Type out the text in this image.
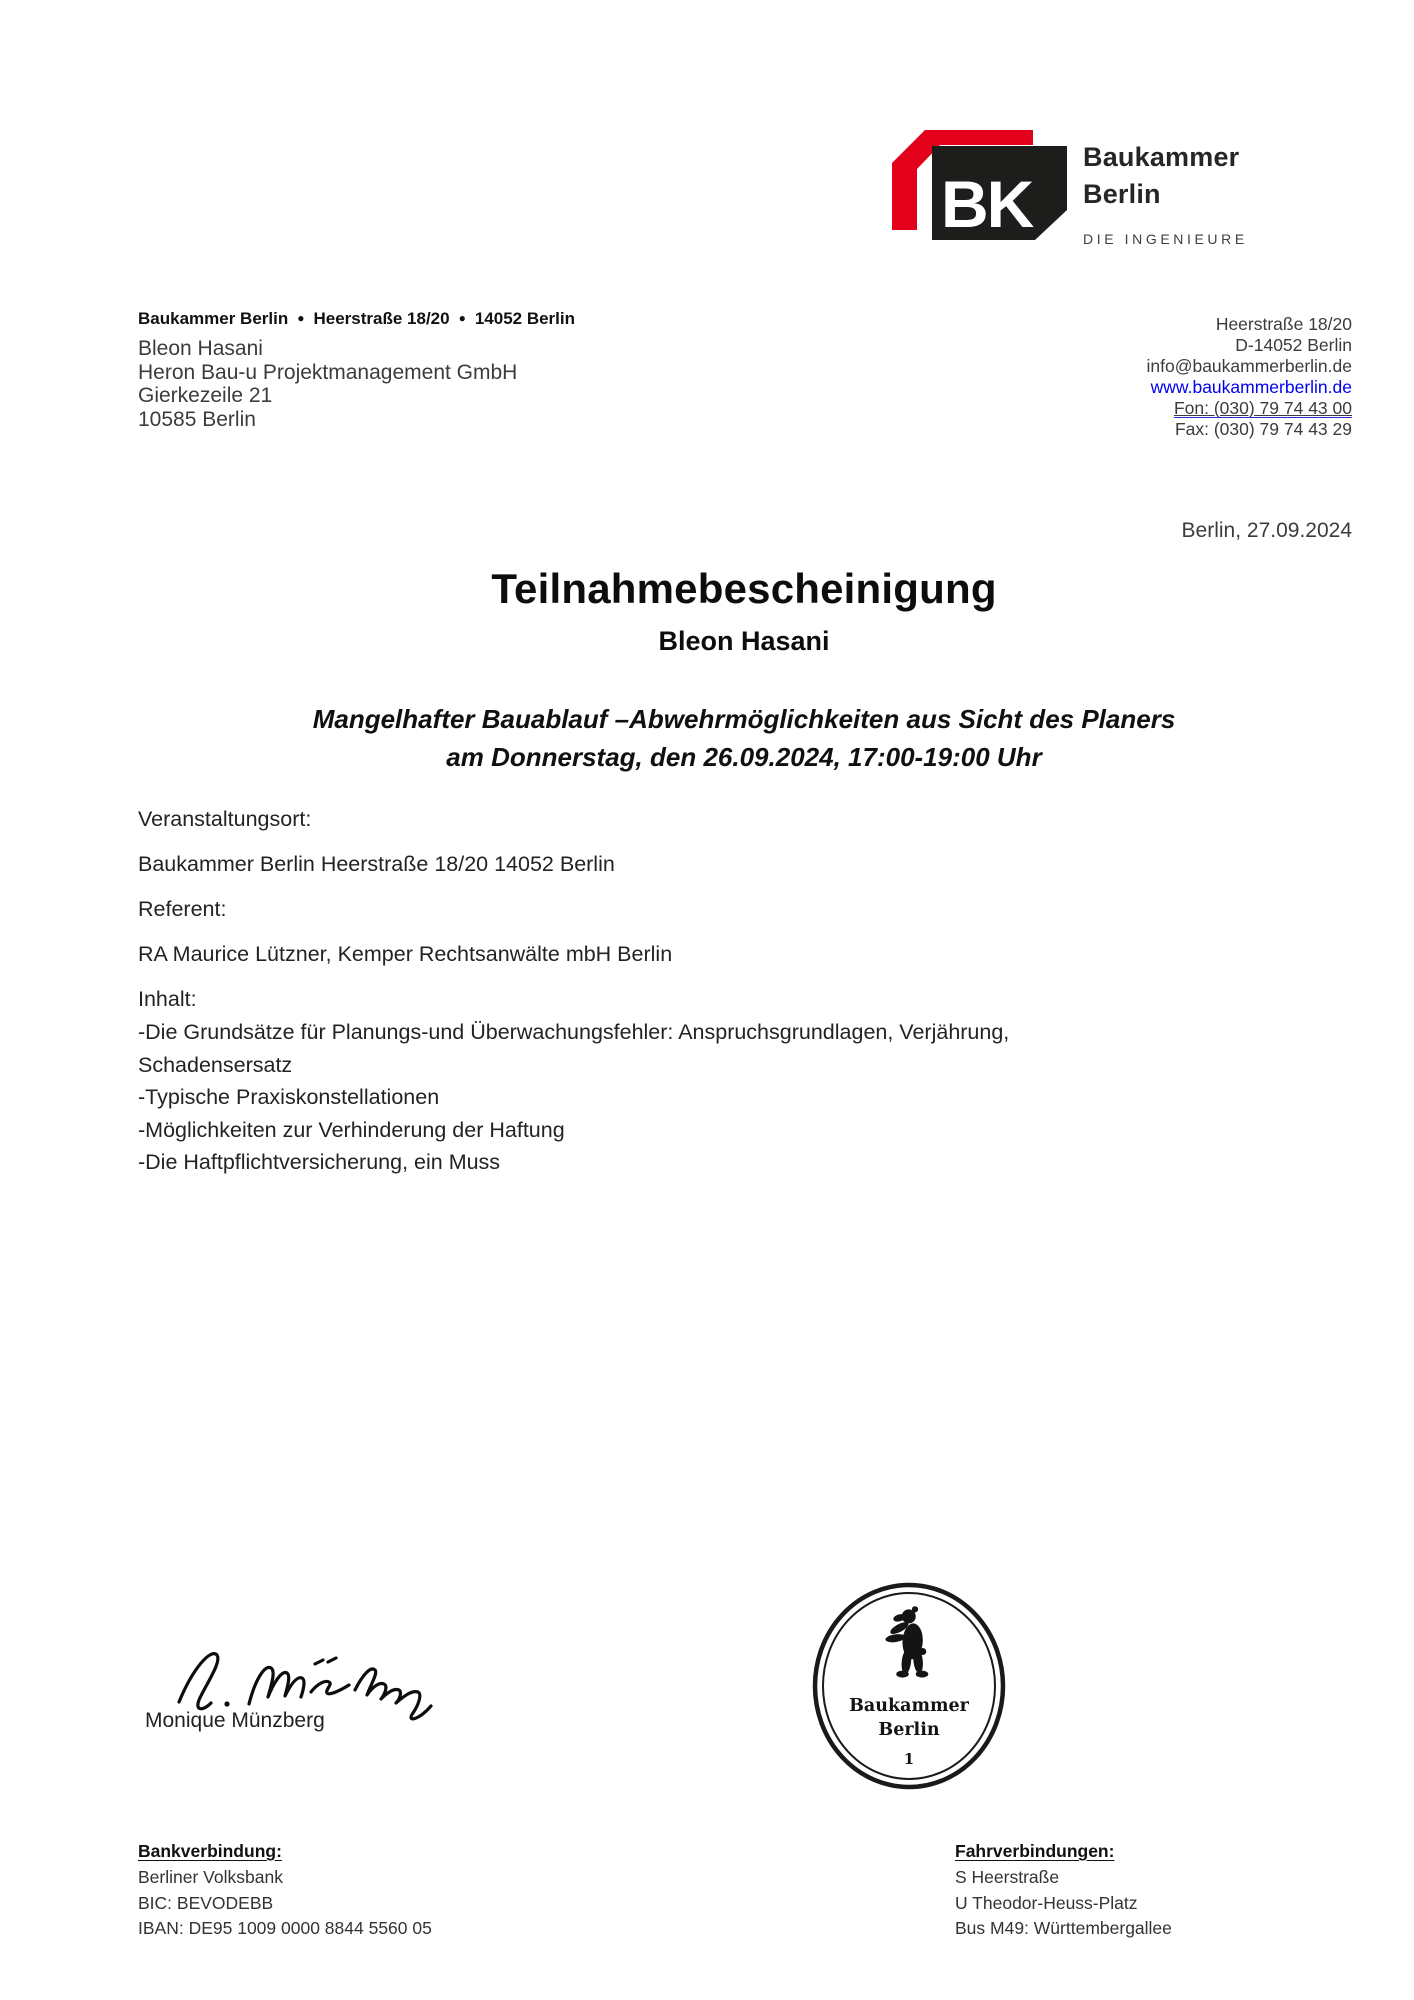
BK
Baukammer
Berlin
DIE INGENIEURE
Baukammer Berlin ● Heerstraße 18/20 ● 14052 Berlin
Bleon Hasani
Heron Bau-u Projektmanagement GmbH
Gierkezeile 21
10585 Berlin
Heerstraße 18/20
D-14052 Berlin
info@baukammerberlin.de
www.baukammerberlin.de
Fon: (030) 79 74 43 00
Fax: (030) 79 74 43 29
Berlin, 27.09.2024
Teilnahmebescheinigung
Bleon Hasani
Mangelhafter Bauablauf –Abwehrmöglichkeiten aus Sicht des Planers
am Donnerstag, den 26.09.2024, 17:00-19:00 Uhr

Veranstaltungsort:

Baukammer Berlin Heerstraße 18/20 14052 Berlin

Referent:

RA Maurice Lützner, Kemper Rechtsanwälte mbH Berlin

Inhalt:

-Die Grundsätze für Planungs-und Überwachungsfehler: Anspruchsgrundlagen, Verjährung, Schadensersatz
-Typische Praxiskonstellationen
-Möglichkeiten zur Verhinderung der Haftung
-Die Haftpflichtversicherung, ein Muss
Monique Münzberg
Baukammer
Berlin
1
Bankverbindung:
Berliner Volksbank
BIC: BEVODEBB
IBAN: DE95 1009 0000 8844 5560 05
Fahrverbindungen:
S Heerstraße
U Theodor-Heuss-Platz
Bus M49: Württembergallee
